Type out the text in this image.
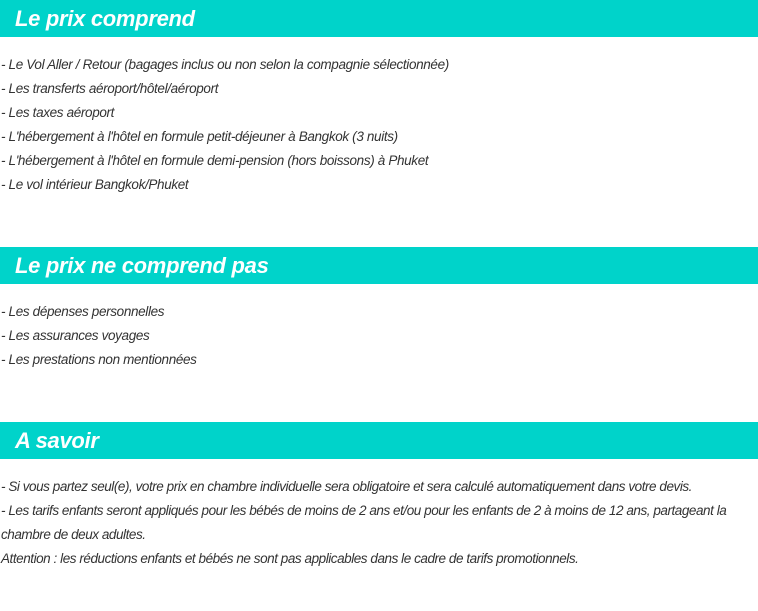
Le prix comprend
- Le Vol Aller / Retour (bagages inclus ou non selon la compagnie sélectionnée)
- Les transferts aéroport/hôtel/aéroport
- Les taxes aéroport
- L'hébergement à l'hôtel en formule petit-déjeuner à Bangkok (3 nuits)
- L'hébergement à l'hôtel en formule demi-pension (hors boissons) à Phuket
- Le vol intérieur Bangkok/Phuket
Le prix ne comprend pas
- Les dépenses personnelles
- Les assurances voyages
- Les prestations non mentionnées
A savoir

- Si vous partez seul(e), votre prix en chambre individuelle sera obligatoire et sera calculé automatiquement dans votre devis.

- Les tarifs enfants seront appliqués pour les bébés de moins de 2 ans et/ou pour les enfants de 2 à moins de 12 ans, partageant la chambre de deux adultes.

Attention : les réductions enfants et bébés ne sont pas applicables dans le cadre de tarifs promotionnels.
